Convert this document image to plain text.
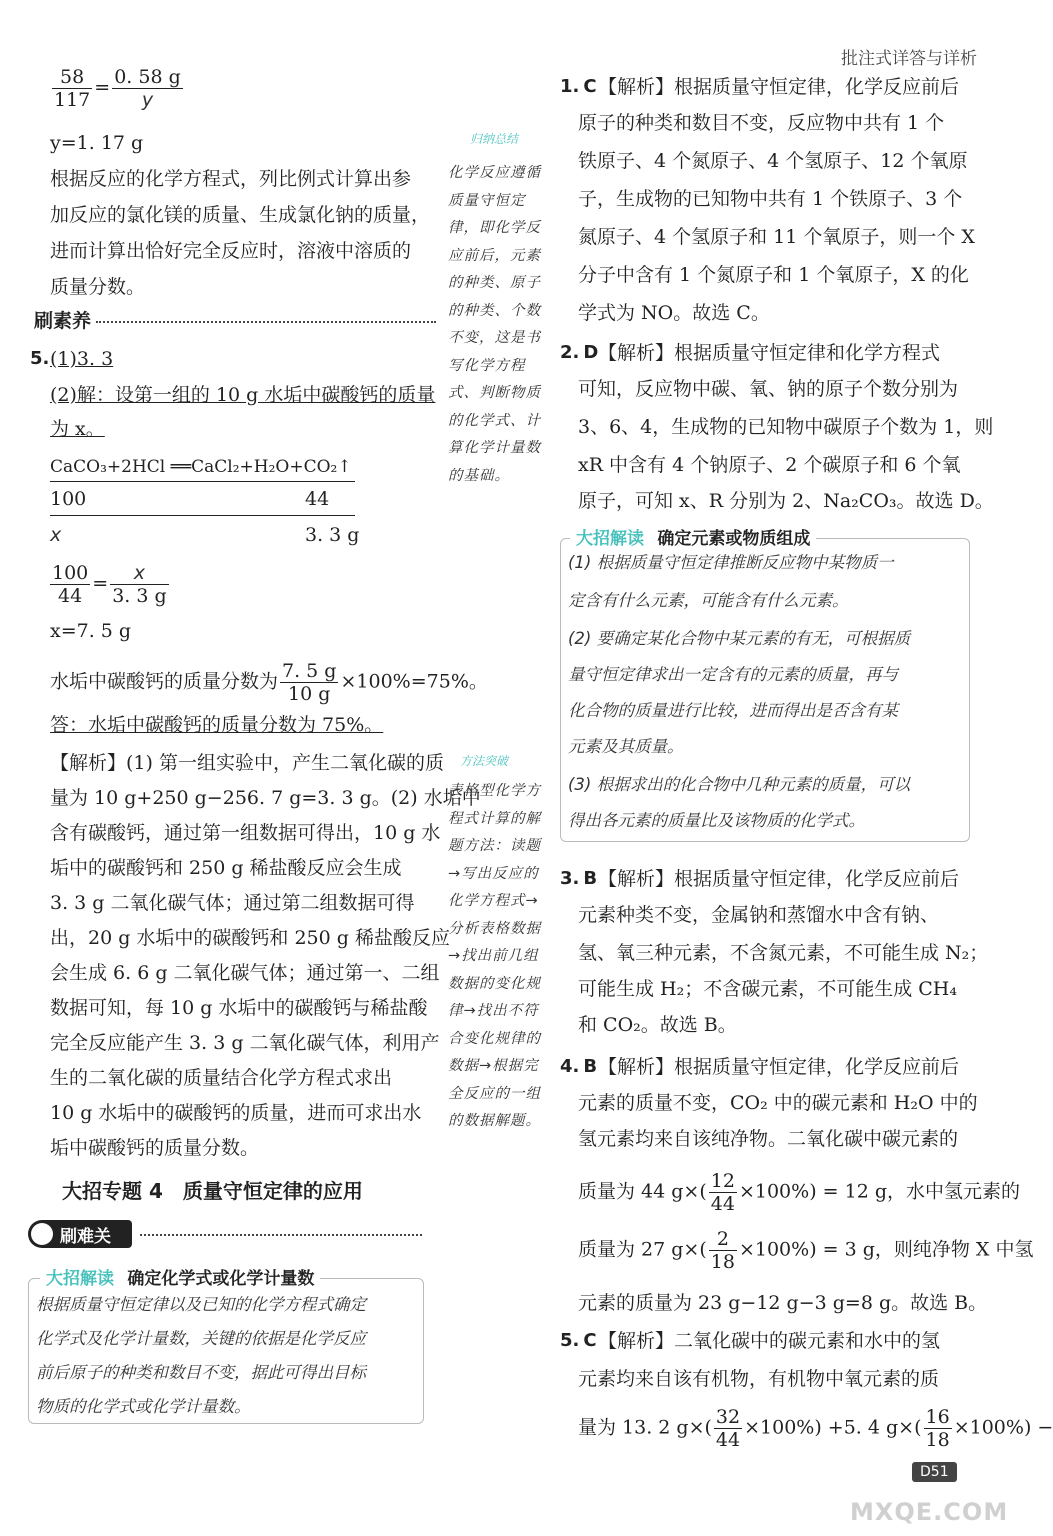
批注式详答与详析
$\frac{58}{117} = \frac{0. 58 g}{y}$
y=1. 17 g
根据反应的化学方程式，列比例式计算出参
加反应的氯化镁的质量、生成氯化钠的质量，
进而计算出恰好完全反应时，溶液中溶质的
质量分数。
刷素养
5. (1)3. 3
(2)解：设第一组的 10 g 水垢中碳酸钙的质量
为 x。
CaCO₃+2HCl ══CaCl₂+H₂O+CO₂↑
100	44
x	3. 3 g
$\frac{100}{44} = \frac{x}{3. 3 g}$
x=7. 5 g
水垢中碳酸钙的质量分数为 $\frac{7. 5 g}{10 g} \times 100\%=75\%$。
答：水垢中碳酸钙的质量分数为 75%。
【解析】(1) 第一组实验中，产生二氧化碳的质
量为 10 g+250 g−256. 7 g=3. 3 g。(2) 水垢中
含有碳酸钙，通过第一组数据可得出，10 g 水
垢中的碳酸钙和 250 g 稀盐酸反应会生成
3. 3 g 二氧化碳气体；通过第二组数据可得
出，20 g 水垢中的碳酸钙和 250 g 稀盐酸反应
会生成 6. 6 g 二氧化碳气体；通过第一、二组
数据可知，每 10 g 水垢中的碳酸钙与稀盐酸
完全反应能产生 3. 3 g 二氧化碳气体，利用产
生的二氧化碳的质量结合化学方程式求出
10 g 水垢中的碳酸钙的质量，进而可求出水
垢中碳酸钙的质量分数。
大招专题 4　质量守恒定律的应用
刷难关
大招解读 确定化学式或化学计量数
根据质量守恒定律以及已知的化学方程式确定
化学式及化学计量数，关键的依据是化学反应
前后原子的种类和数目不变，据此可得出目标
物质的化学式或化学计量数。
归纳总结
化学反应遵循质量守恒定律，即化学反应前后，元素的种类、原子的种类、个数不变，这是书写化学方程式、判断物质的化学式、计算化学计量数的基础。
方法突破
表格型化学方程式计算的解题方法：读题→写出反应的化学方程式→分析表格数据→找出前几组数据的变化规律→找出不符合变化规律的数据→根据完全反应的一组的数据解题。
1. C 【解析】根据质量守恒定律，化学反应前后
原子的种类和数目不变，反应物中共有 1 个
铁原子、4 个氮原子、4 个氢原子、12 个氧原
子，生成物的已知物中共有 1 个铁原子、3 个
氮原子、4 个氢原子和 11 个氧原子，则一个 X
分子中含有 1 个氮原子和 1 个氧原子，X 的化
学式为 NO。故选 C。
2. D 【解析】根据质量守恒定律和化学方程式
可知，反应物中碳、氧、钠的原子个数分别为
3、6、4，生成物的已知物中碳原子个数为 1，则
xR 中含有 4 个钠原子、2 个碳原子和 6 个氧
原子，可知 x、R 分别为 2、Na₂CO₃。故选 D。
大招解读 确定元素或物质组成
(1) 根据质量守恒定律推断反应物中某物质一
定含有什么元素，可能含有什么元素。
(2) 要确定某化合物中某元素的有无，可根据质
量守恒定律求出一定含有的元素的质量，再与
化合物的质量进行比较，进而得出是否含有某
元素及其质量。
(3) 根据求出的化合物中几种元素的质量，可以
得出各元素的质量比及该物质的化学式。
3. B 【解析】根据质量守恒定律，化学反应前后
元素种类不变，金属钠和蒸馏水中含有钠、
氢、氧三种元素，不含氮元素，不可能生成 N₂；
可能生成 H₂；不含碳元素，不可能生成 CH₄
和 CO₂。故选 B。
4. B 【解析】根据质量守恒定律，化学反应前后
元素的质量不变，CO₂ 中的碳元素和 H₂O 中的
氢元素均来自该纯净物。二氧化碳中碳元素的
质量为 44 $g\times( \frac{12}{44} \times 100\%) = 12$ g，水中氢元素的
质量为 27 $g\times( \frac{2}{18} \times 100\%) = 3$ g，则纯净物 X 中氢
元素的质量为 23 g−12 g−3 g=8 g。故选 B。
5. C 【解析】二氧化碳中的碳元素和水中的氢
元素均来自该有机物，有机物中氧元素的质
量为 13. 2 $g\times( \frac{32}{44} \times 100\%) +5$. 4 $g\times( \frac{16}{18} \times 100\%)$ −
D51
MXQE.COM
